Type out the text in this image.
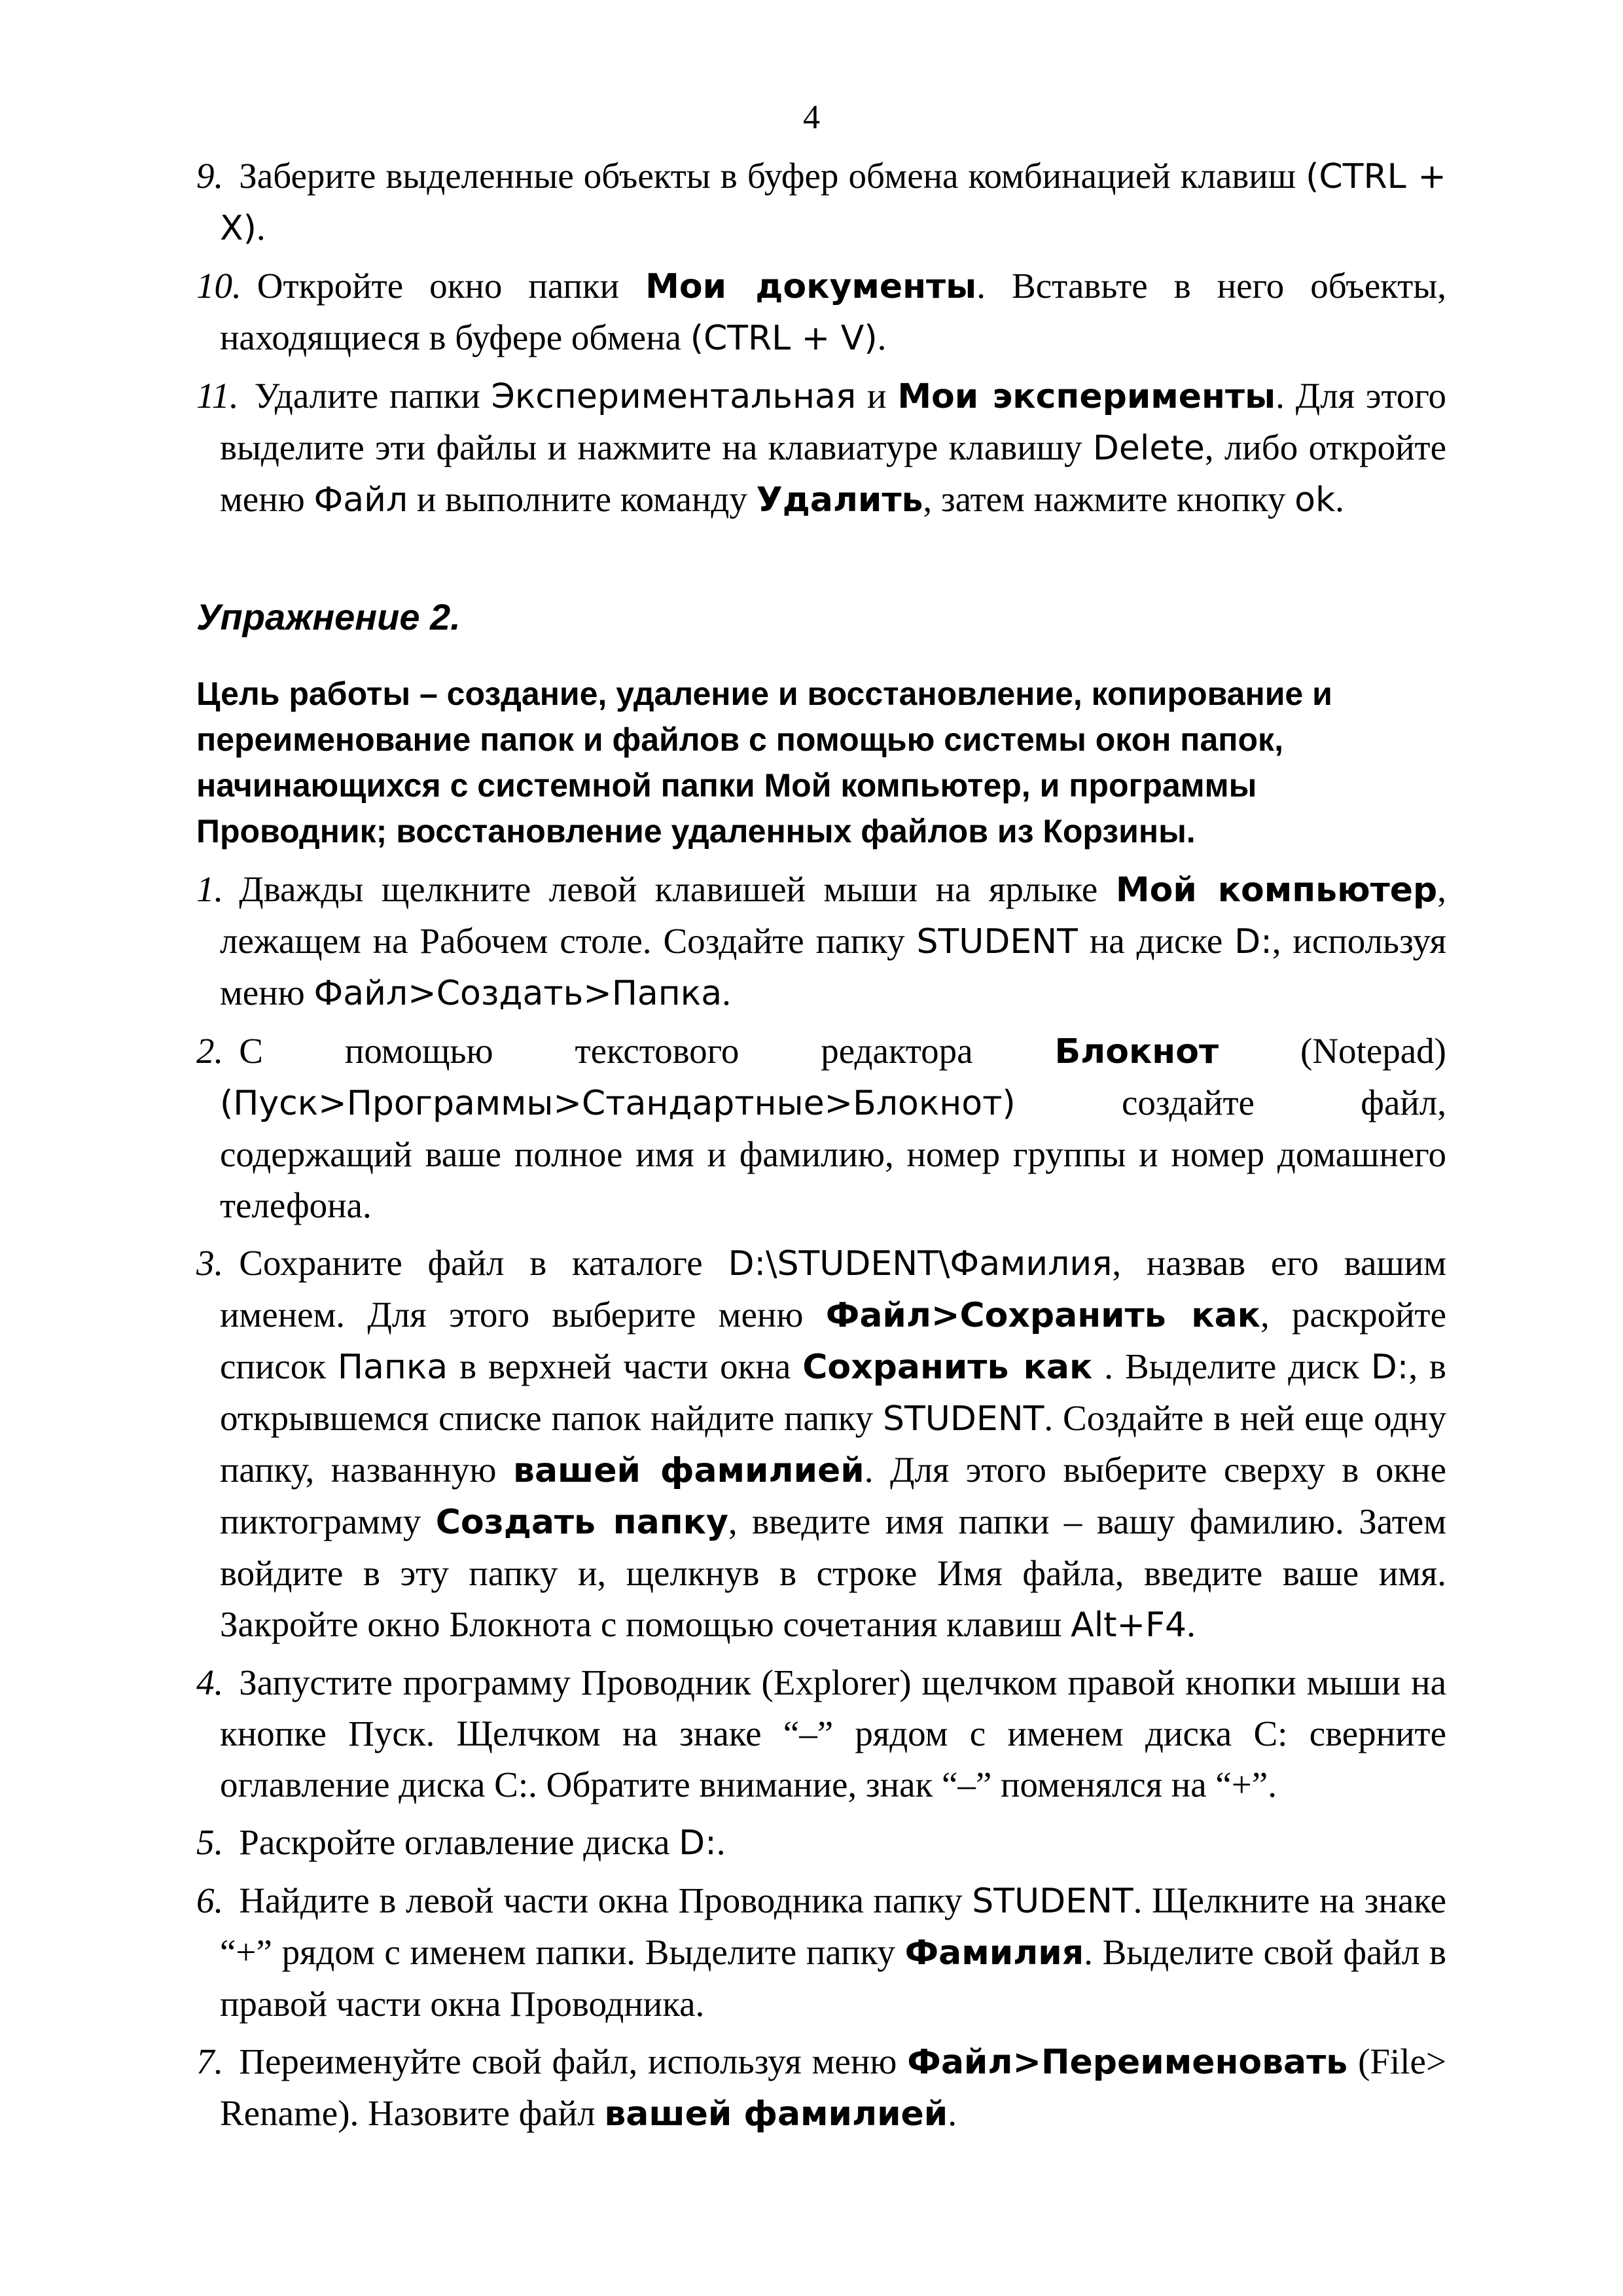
4

9. Заберите выделенные объекты в буфер обмена комбинацией клавиш (CTRL + X).

10. Откройте окно папки Мои документы. Вставьте в него объекты, находящиеся в буфере обмена (CTRL + V).

11. Удалите папки Экспериментальная и Мои эксперименты. Для этого выделите эти файлы и нажмите на клавиатуре клавишу Delete, либо откройте меню Файл и выполните команду Удалить, затем нажмите кнопку ok.

Упражнение 2.
Цель работы – создание, удаление и восстановление, копирование и переименование папок и файлов с помощью системы окон папок, начинающихся с системной папки Мой компьютер, и программы Проводник; восстановление удаленных файлов из Корзины.

1. Дважды щелкните левой клавишей мыши на ярлыке Мой компьютер, лежащем на Рабочем столе. Создайте папку STUDENT на диске D:, используя меню Файл>Создать>Папка.

2. С помощью текстового редактора Блокнот (Notepad) (Пуск>Программы>Стандартные>Блокнот) создайте файл, содержащий ваше полное имя и фамилию, номер группы и номер домашнего телефона.

3. Сохраните файл в каталоге D:\STUDENT\Фамилия, назвав его вашим именем. Для этого выберите меню Файл>Сохранить как, раскройте список Папка в верхней части окна Сохранить как . Выделите диск D:, в открывшемся списке папок найдите папку STUDENT. Создайте в ней еще одну папку, названную вашей фамилией. Для этого выберите сверху в окне пиктограмму Создать папку, введите имя папки – вашу фамилию. Затем войдите в эту папку и, щелкнув в строке Имя файла, введите ваше имя. Закройте окно Блокнота с помощью сочетания клавиш Alt+F4.

4. Запустите программу Проводник (Explorer) щелчком правой кнопки мыши на кнопке Пуск. Щелчком на знаке “–” рядом с именем диска С: сверните оглавление диска С:. Обратите внимание, знак “–” поменялся на “+”.

5. Раскройте оглавление диска D:.

6. Найдите в левой части окна Проводника папку STUDENT. Щелкните на знаке “+” рядом с именем папки. Выделите папку Фамилия. Выделите свой файл в правой части окна Проводника.

7. Переименуйте свой файл, используя меню Файл>Переименовать (File> Rename). Назовите файл вашей фамилией.
